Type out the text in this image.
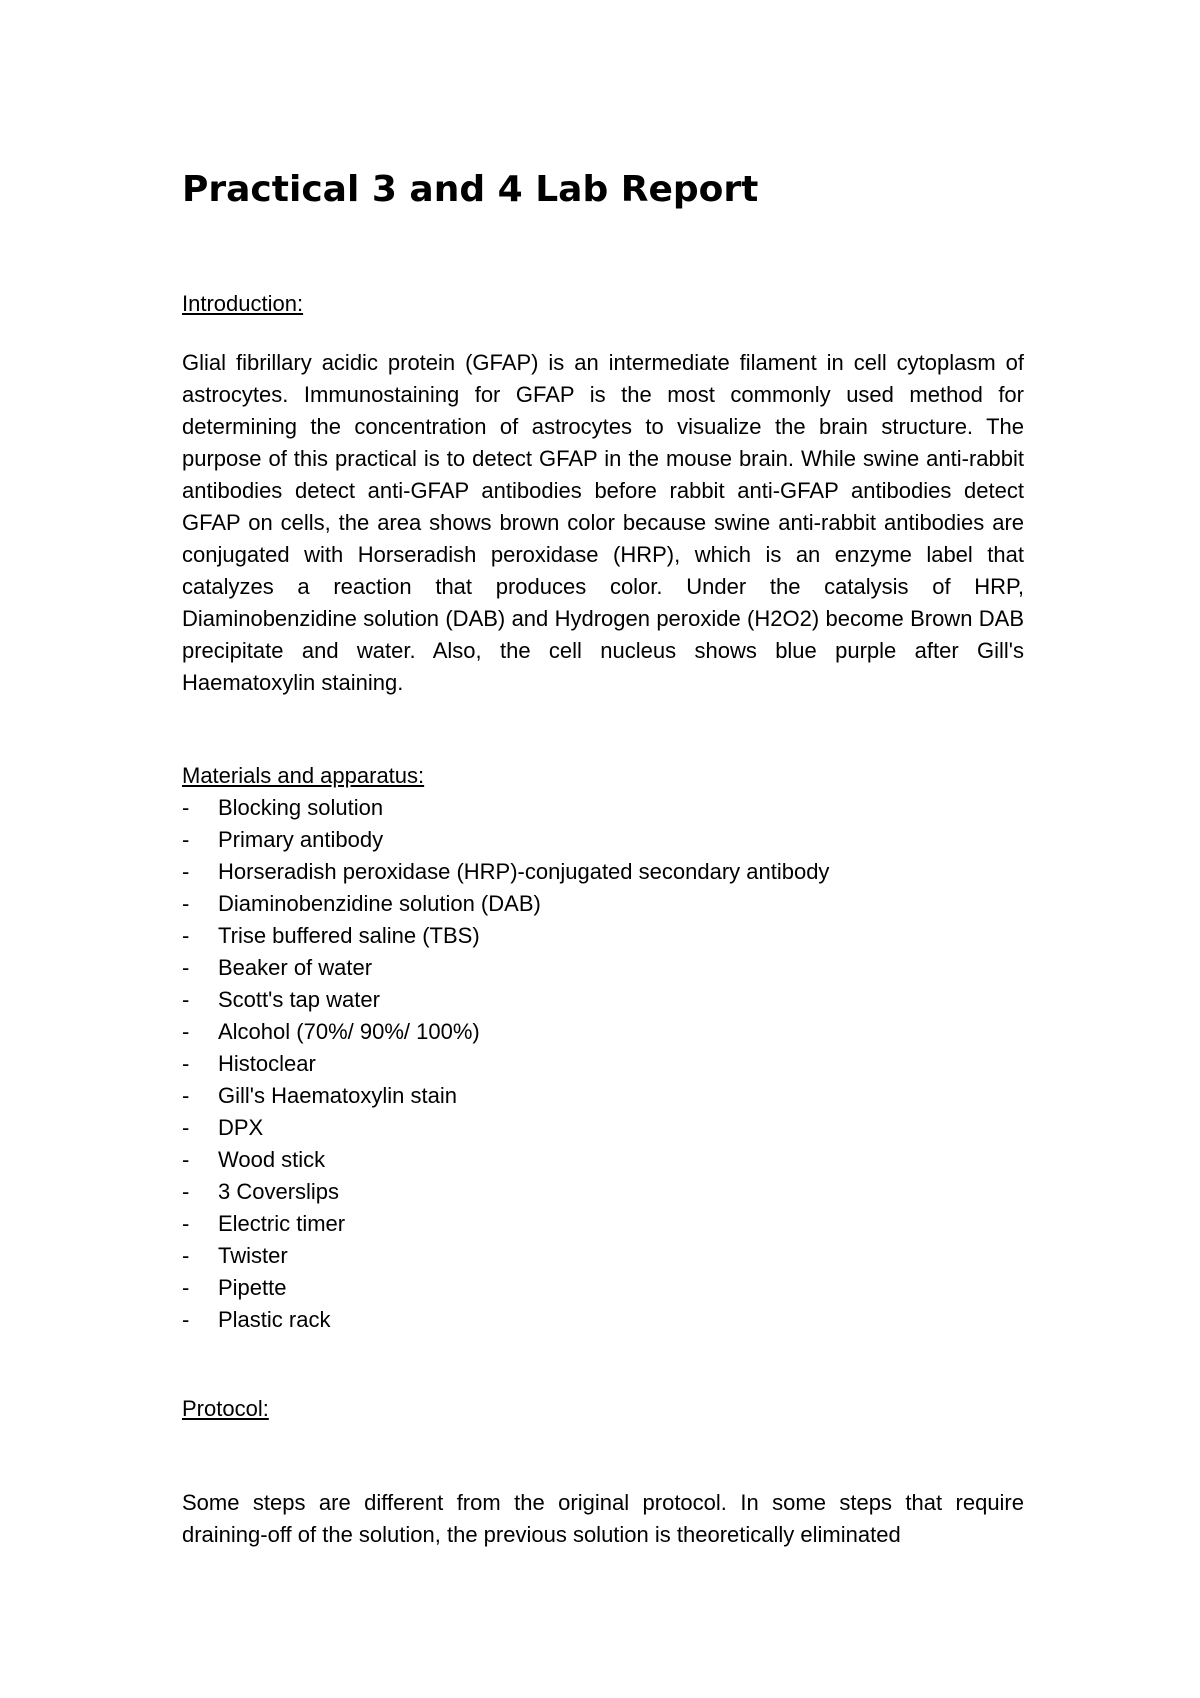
Practical 3 and 4 Lab Report
Introduction:

Glial fibrillary acidic protein (GFAP) is an intermediate filament in cell cytoplasm of astrocytes. Immunostaining for GFAP is the most commonly used method for determining the concentration of astrocytes to visualize the brain structure. The purpose of this practical is to detect GFAP in the mouse brain. While swine anti-rabbit antibodies detect anti-GFAP antibodies before rabbit anti-GFAP antibodies detect GFAP on cells, the area shows brown color because swine anti-rabbit antibodies are conjugated with Horseradish peroxidase (HRP), which is an enzyme label that catalyzes a reaction that produces color. Under the catalysis of HRP, Diaminobenzidine solution (DAB) and Hydrogen peroxide (H2O2) become Brown DAB precipitate and water. Also, the cell nucleus shows blue purple after Gill's Haematoxylin staining.

Materials and apparatus:
- Blocking solution
- Primary antibody
- Horseradish peroxidase (HRP)-conjugated secondary antibody
- Diaminobenzidine solution (DAB)
- Trise buffered saline (TBS)
- Beaker of water
- Scott's tap water
- Alcohol (70%/ 90%/ 100%)
- Histoclear
- Gill's Haematoxylin stain
- DPX
- Wood stick
- 3 Coverslips
- Electric timer
- Twister
- Pipette
- Plastic rack
Protocol:

Some steps are different from the original protocol. In some steps that require draining-off of the solution, the previous solution is theoretically eliminated
